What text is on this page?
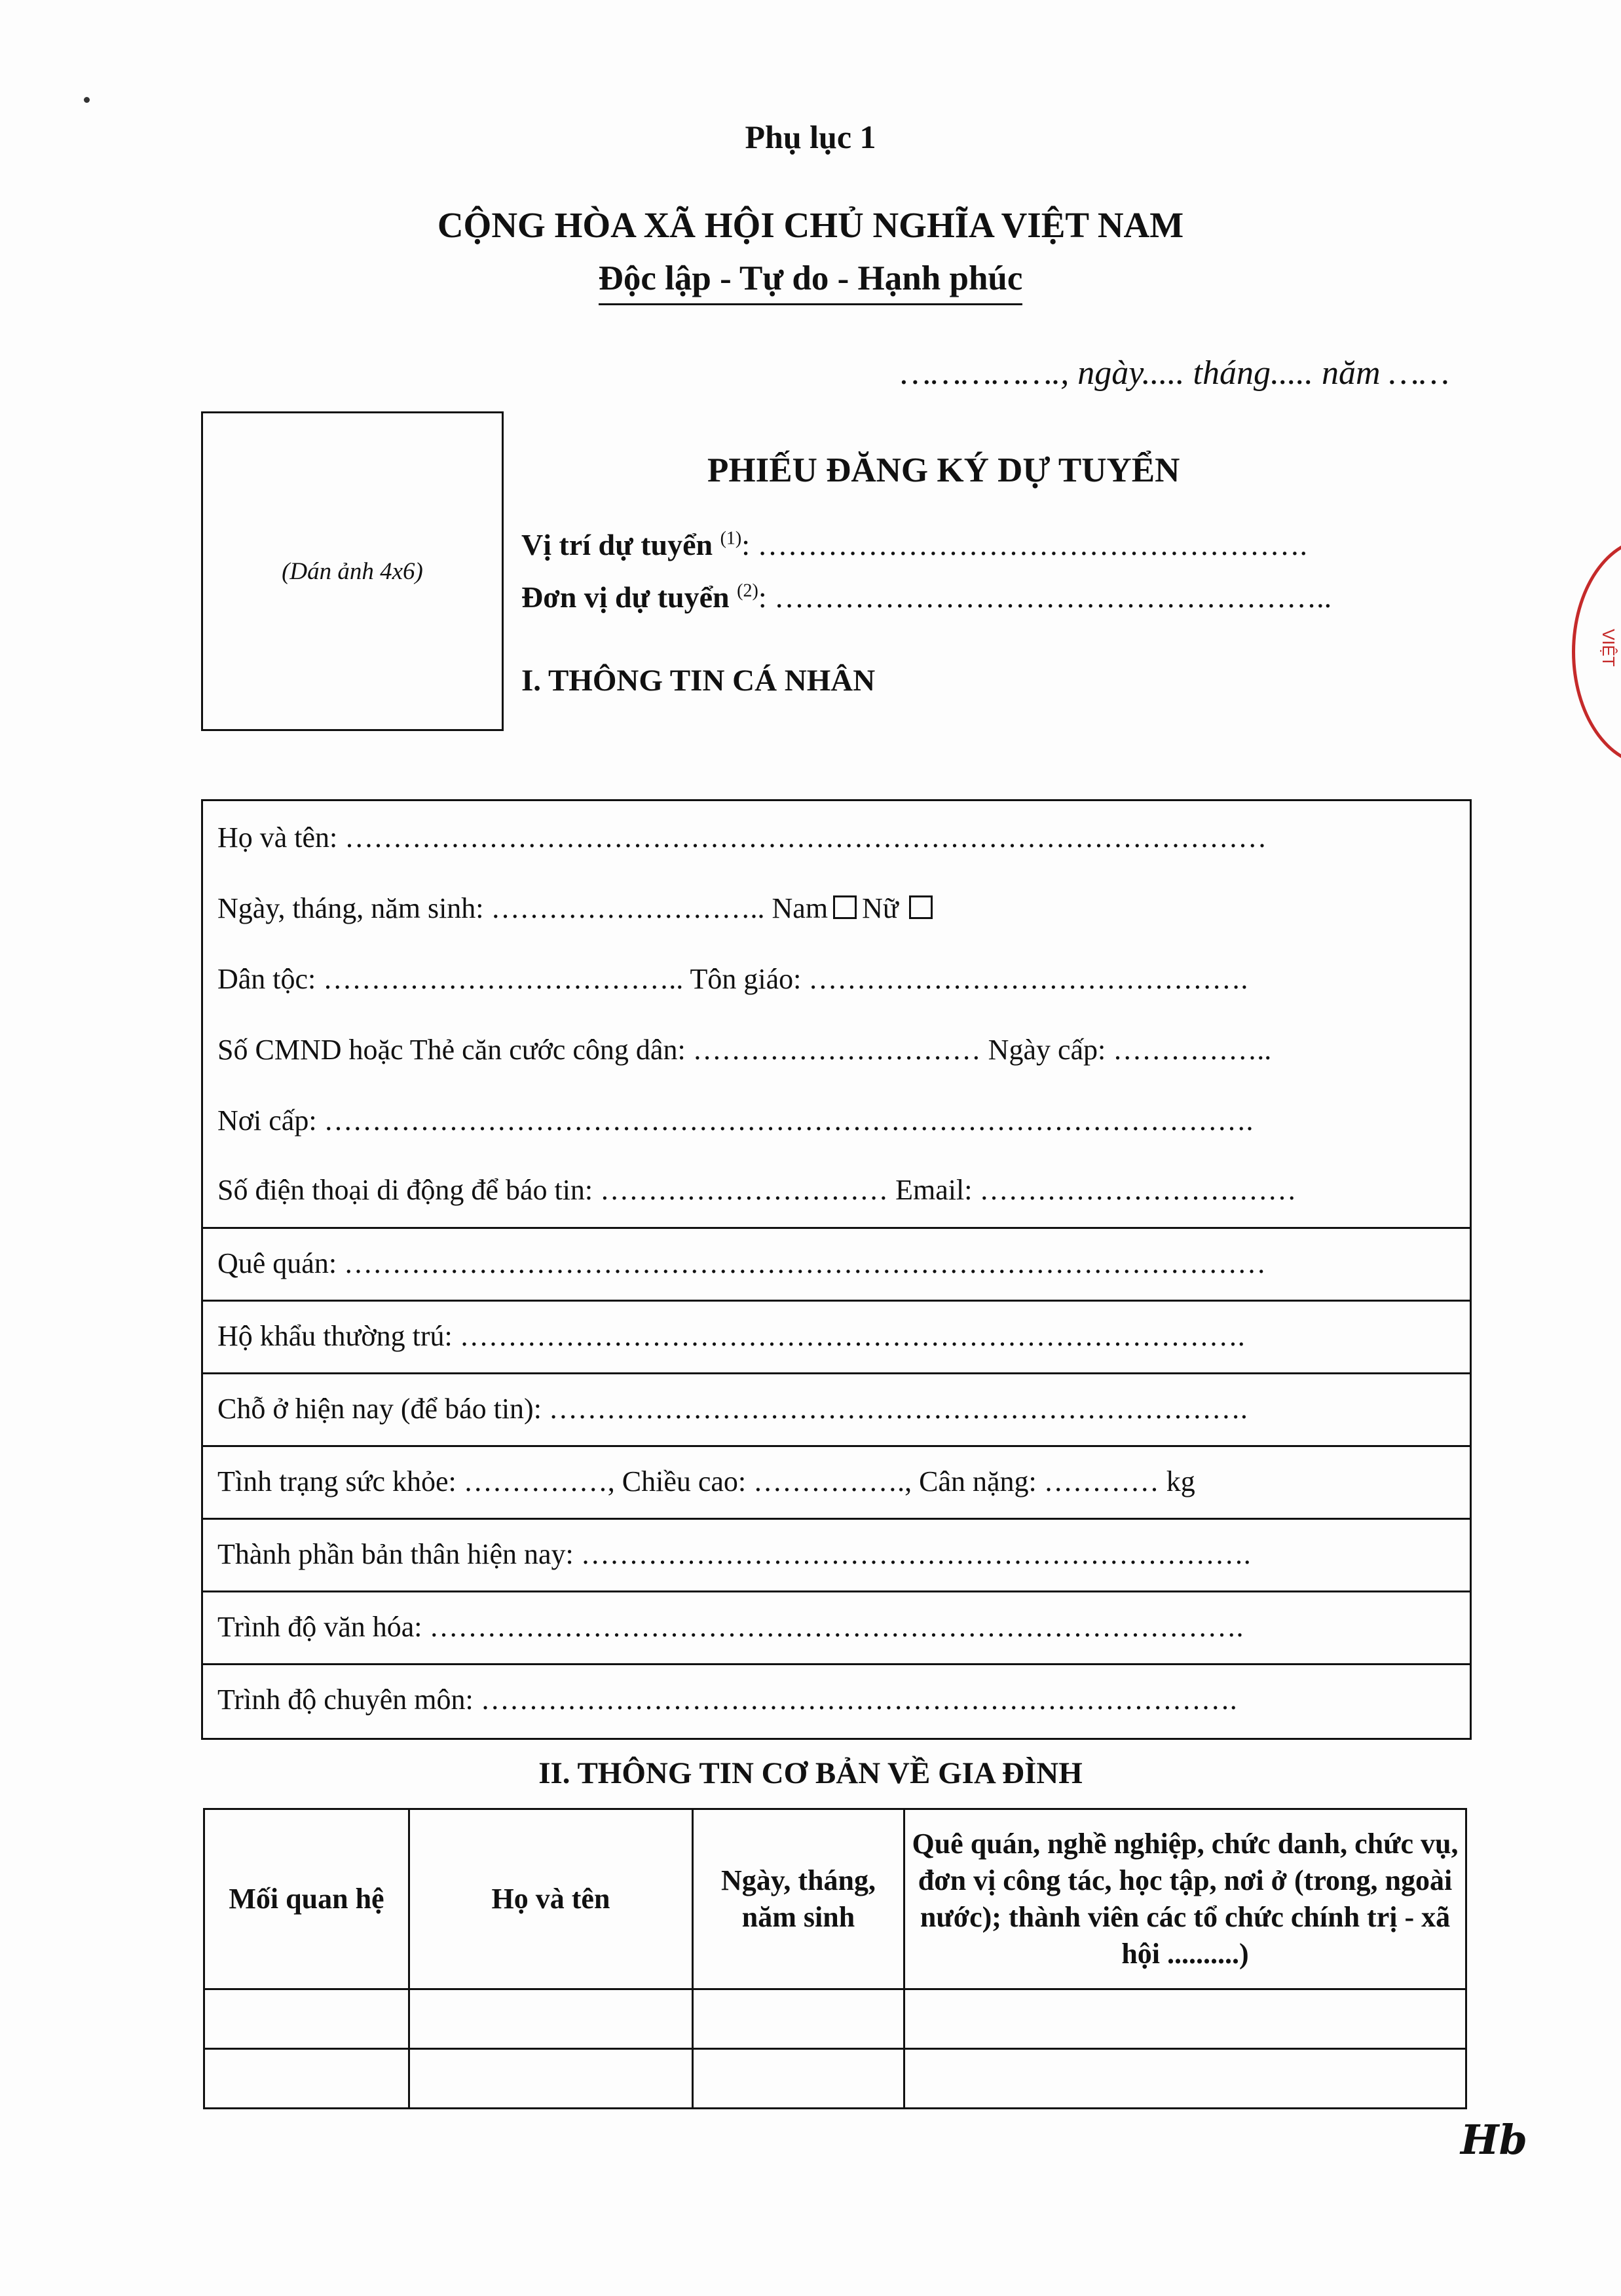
Phụ lục 1
CỘNG HÒA XÃ HỘI CHỦ NGHĨA VIỆT NAM
Độc lập - Tự do - Hạnh phúc
……………., ngày..... tháng..... năm ……
(Dán ảnh 4x6)
PHIẾU ĐĂNG KÝ DỰ TUYỂN
Vị trí dự tuyển $^{(1)}$: ……………………………………………….
Đơn vị dự tuyển $^{(2)}$: ………………………………………………..
I. THÔNG TIN CÁ NHÂN
Họ và tên: ……………………………………………………………………………………
Ngày, tháng, năm sinh: ……………………….. Nam Nữ
Dân tộc: ……………………………….. Tôn giáo: ……………………………………….
Số CMND hoặc Thẻ căn cước công dân: ………………………… Ngày cấp: ……………..
Nơi cấp: …………………………………………………………………………………….
Số điện thoại di động để báo tin: ………………………… Email: ……………………………
Quê quán: ……………………………………………………………………………………
Hộ khẩu thường trú: ……………………………………………………………………….
Chỗ ở hiện nay (để báo tin): ……………………………………………………………….
Tình trạng sức khỏe: ……………, Chiều cao: ……………., Cân nặng: ………… kg
Thành phần bản thân hiện nay: …………………………………………………………….
Trình độ văn hóa: ………………………………………………………………………….
Trình độ chuyên môn: …………………………………………………………………….
II. THÔNG TIN CƠ BẢN VỀ GIA ĐÌNH
Mối quan hệ	Họ và tên	Ngày, tháng, năm sinh	Quê quán, nghề nghiệp, chức danh, chức vụ, đơn vị công tác, học tập, nơi ở (trong, ngoài nước); thành viên các tổ chức chính trị - xã hội ..........)

Hb
VIỆT
